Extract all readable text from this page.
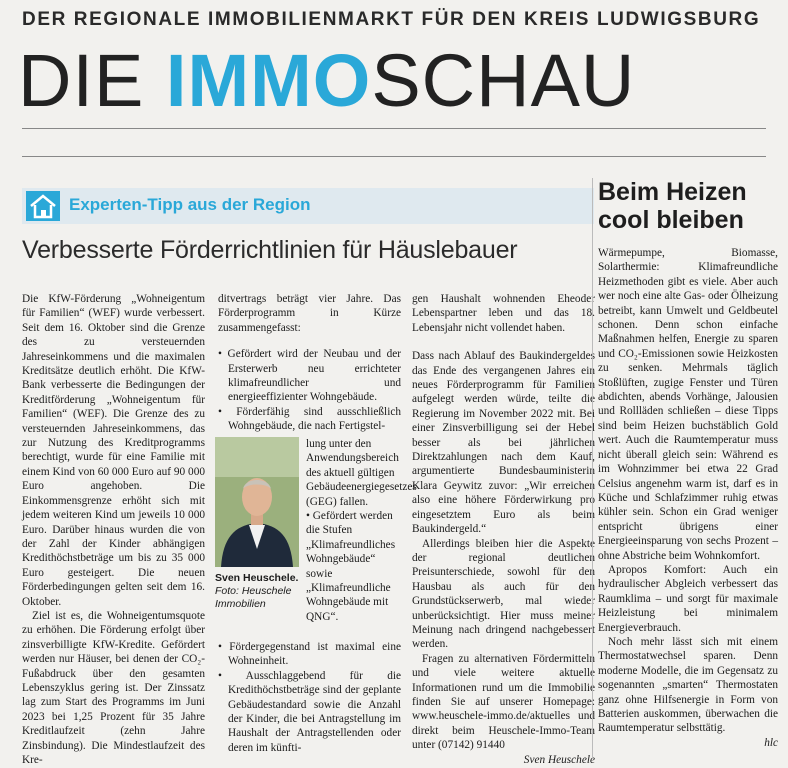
DER REGIONALE IMMOBILIENMARKT FÜR DEN KREIS LUDWIGSBURG
DIE IMMOSCHAU
Experten-Tipp aus der Region
Verbesserte Förderrichtlinien für Häuslebauer

Die KfW-Förderung „Wohneigentum für Familien“ (WEF) wurde verbessert. Seit dem 16. Oktober sind die Grenze des zu versteuernden Jahreseinkommens und die maximalen Kreditsätze deutlich erhöht. Die KfW-Bank verbesserte die Bedingungen der Kreditförderung „Wohneigentum für Familien“ (WEF). Die Grenze des zu versteuernden Jahreseinkommens, das zur Nutzung des Kreditprogramms berechtigt, wurde für eine Familie mit einem Kind von 60 000 Euro auf 90 000 Euro angehoben. Die Einkommensgrenze erhöht sich mit jedem weiteren Kind um jeweils 10 000 Euro. Darüber hinaus wurden die von der Zahl der Kinder abhängigen Kredithöchstbeträge um bis zu 35 000 Euro gesteigert. Die neuen Förderbedingungen gelten seit dem 16. Oktober.

Ziel ist es, die Wohneigentumsquote zu erhöhen. Die Förderung erfolgt über zinsverbilligte KfW-Kredite. Gefördert werden nur Häuser, bei denen der CO₂-Fußabdruck über den gesamten Lebenszyklus gering ist. Der Zinssatz lag zum Start des Programms im Juni 2023 bei 1,25 Prozent für 35 Jahre Kreditlaufzeit (zehn Jahre Zinsbindung). Die Mindestlaufzeit des Kre-

ditvertrags beträgt vier Jahre. Das Förderprogramm in Kürze zusammengefasst:

• Gefördert wird der Neubau und der Ersterwerb neu errichteter klimafreundlicher und energieeffizienter Wohngebäude.

• Förderfähig sind ausschließlich Wohngebäude, die nach Fertigstel-

Sven Heuschele.
Foto: Heuschele Immobilien

lung unter den Anwendungsbereich des aktuell gültigen Gebäudeenergiegesetzes (GEG) fallen.
• Gefördert werden die Stufen „Klimafreundliches Wohngebäude“ sowie „Klimafreundliche Wohngebäude mit QNG“.

• Fördergegenstand ist maximal eine Wohneinheit.

• Ausschlaggebend für die Kredithöchstbeträge sind der geplante Gebäudestandard sowie die Anzahl der Kinder, die bei Antragstellung im Haushalt der Antragstellenden oder deren im künfti-

gen Haushalt wohnenden Eheoder Lebenspartner leben und das 18. Lebensjahr nicht vollendet haben.

Dass nach Ablauf des Baukindergeldes das Ende des vergangenen Jahres ein neues Förderprogramm für Familien aufgelegt werden würde, teilte die Regierung im November 2022 mit. Bei einer Zinsverbilligung sei der Hebel besser als bei jährlichen Direktzahlungen nach dem Kauf, argumentierte Bundesbauministerin Klara Geywitz zuvor: „Wir erreichen also eine höhere Förderwirkung pro eingesetztem Euro als beim Baukindergeld.“

Allerdings bleiben hier die Aspekte der regional deutlichen Preisunterschiede, sowohl für den Hausbau als auch für den Grundstückserwerb, mal wieder unberücksichtigt. Hier muss meiner Meinung nach dringend nachgebessert werden.

Fragen zu alternativen Fördermitteln und viele weitere aktuelle Informationen rund um die Immobilie finden Sie auf unserer Homepage: www.heuschele-immo.de/aktuelles und direkt beim Heuschele-Immo-Team unter (07142) 91440

Sven Heuschele

Beim Heizen cool bleiben

Wärmepumpe, Biomasse, Solarthermie: Klimafreundliche Heizmethoden gibt es viele. Aber auch wer noch eine alte Gas- oder Ölheizung betreibt, kann Umwelt und Geldbeutel schonen. Denn schon einfache Maßnahmen helfen, Energie zu sparen und CO₂-Emissionen sowie Heizkosten zu senken. Mehrmals täglich Stoßlüften, zugige Fenster und Türen abdichten, abends Vorhänge, Jalousien und Rollläden schließen – diese Tipps sind beim Heizen buchstäblich Gold wert. Auch die Raumtemperatur muss nicht überall gleich sein: Während es im Wohnzimmer bei etwa 22 Grad Celsius angenehm warm ist, darf es in Küche und Schlafzimmer ruhig etwas kühler sein. Schon ein Grad weniger entspricht übrigens einer Energieeinsparung von sechs Prozent – ohne Abstriche beim Wohnkomfort.

Apropos Komfort: Auch ein hydraulischer Abgleich verbessert das Raumklima – und sorgt für maximale Heizleistung bei minimalem Energieverbrauch.

Noch mehr lässt sich mit einem Thermostatwechsel sparen. Denn moderne Modelle, die im Gegensatz zu sogenannten „smarten“ Thermostaten ganz ohne Hilfsenergie in Form von Batterien auskommen, überwachen die Raumtemperatur selbsttätig.

hlc
